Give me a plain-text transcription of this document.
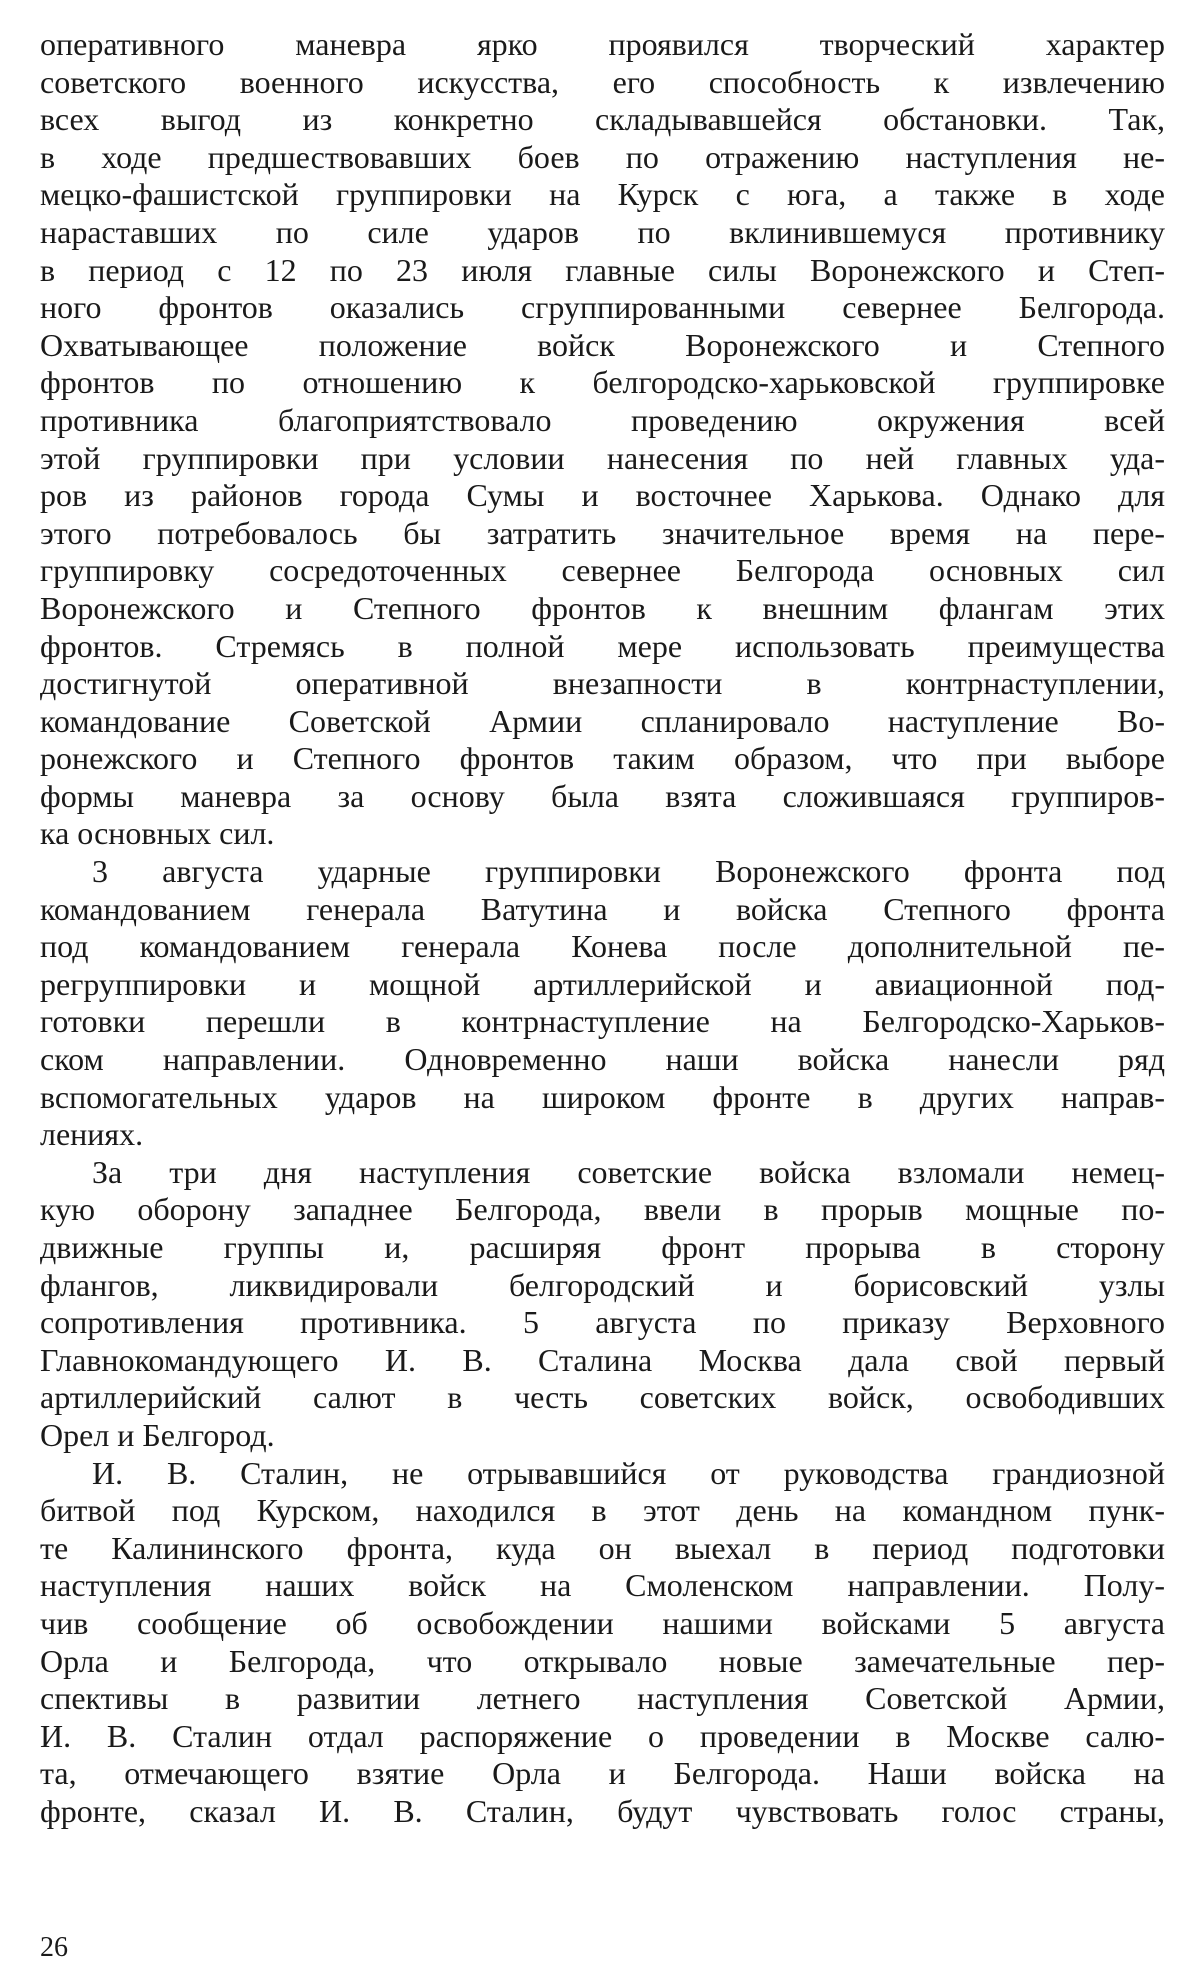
оперативного маневра ярко проявился творческий характер
советского военного искусства, его способность к извлечению
всех выгод из конкретно складывавшейся обстановки. Так,
в ходе предшествовавших боев по отражению наступления не-
мецко-фашистской группировки на Курск с юга, а также в ходе
нараставших по силе ударов по вклинившемуся противнику
в период с 12 по 23 июля главные силы Воронежского и Степ-
ного фронтов оказались сгруппированными севернее Белгорода.
Охватывающее положение войск Воронежского и Степного
фронтов по отношению к белгородско-харьковской группировке
противника благоприятствовало проведению окружения всей
этой группировки при условии нанесения по ней главных уда-
ров из районов города Сумы и восточнее Харькова. Однако для
этого потребовалось бы затратить значительное время на пере-
группировку сосредоточенных севернее Белгорода основных сил
Воронежского и Степного фронтов к внешним флангам этих
фронтов. Стремясь в полной мере использовать преимущества
достигнутой оперативной внезапности в контрнаступлении,
командование Советской Армии спланировало наступление Во-
ронежского и Степного фронтов таким образом, что при выборе
формы маневра за основу была взята сложившаяся группиров-
ка основных сил.
3 августа ударные группировки Воронежского фронта под
командованием генерала Ватутина и войска Степного фронта
под командованием генерала Конева после дополнительной пе-
регруппировки и мощной артиллерийской и авиационной под-
готовки перешли в контрнаступление на Белгородско-Харьков-
ском направлении. Одновременно наши войска нанесли ряд
вспомогательных ударов на широком фронте в других направ-
лениях.
За три дня наступления советские войска взломали немец-
кую оборону западнее Белгорода, ввели в прорыв мощные по-
движные группы и, расширяя фронт прорыва в сторону
флангов, ликвидировали белгородский и борисовский узлы
сопротивления противника. 5 августа по приказу Верховного
Главнокомандующего И. В. Сталина Москва дала свой первый
артиллерийский салют в честь советских войск, освободивших
Орел и Белгород.
И. В. Сталин, не отрывавшийся от руководства грандиозной
битвой под Курском, находился в этот день на командном пунк-
те Калининского фронта, куда он выехал в период подготовки
наступления наших войск на Смоленском направлении. Полу-
чив сообщение об освобождении нашими войсками 5 августа
Орла и Белгорода, что открывало новые замечательные пер-
спективы в развитии летнего наступления Советской Армии,
И. В. Сталин отдал распоряжение о проведении в Москве салю-
та, отмечающего взятие Орла и Белгорода. Наши войска на
фронте, сказал И. В. Сталин, будут чувствовать голос страны,
26
